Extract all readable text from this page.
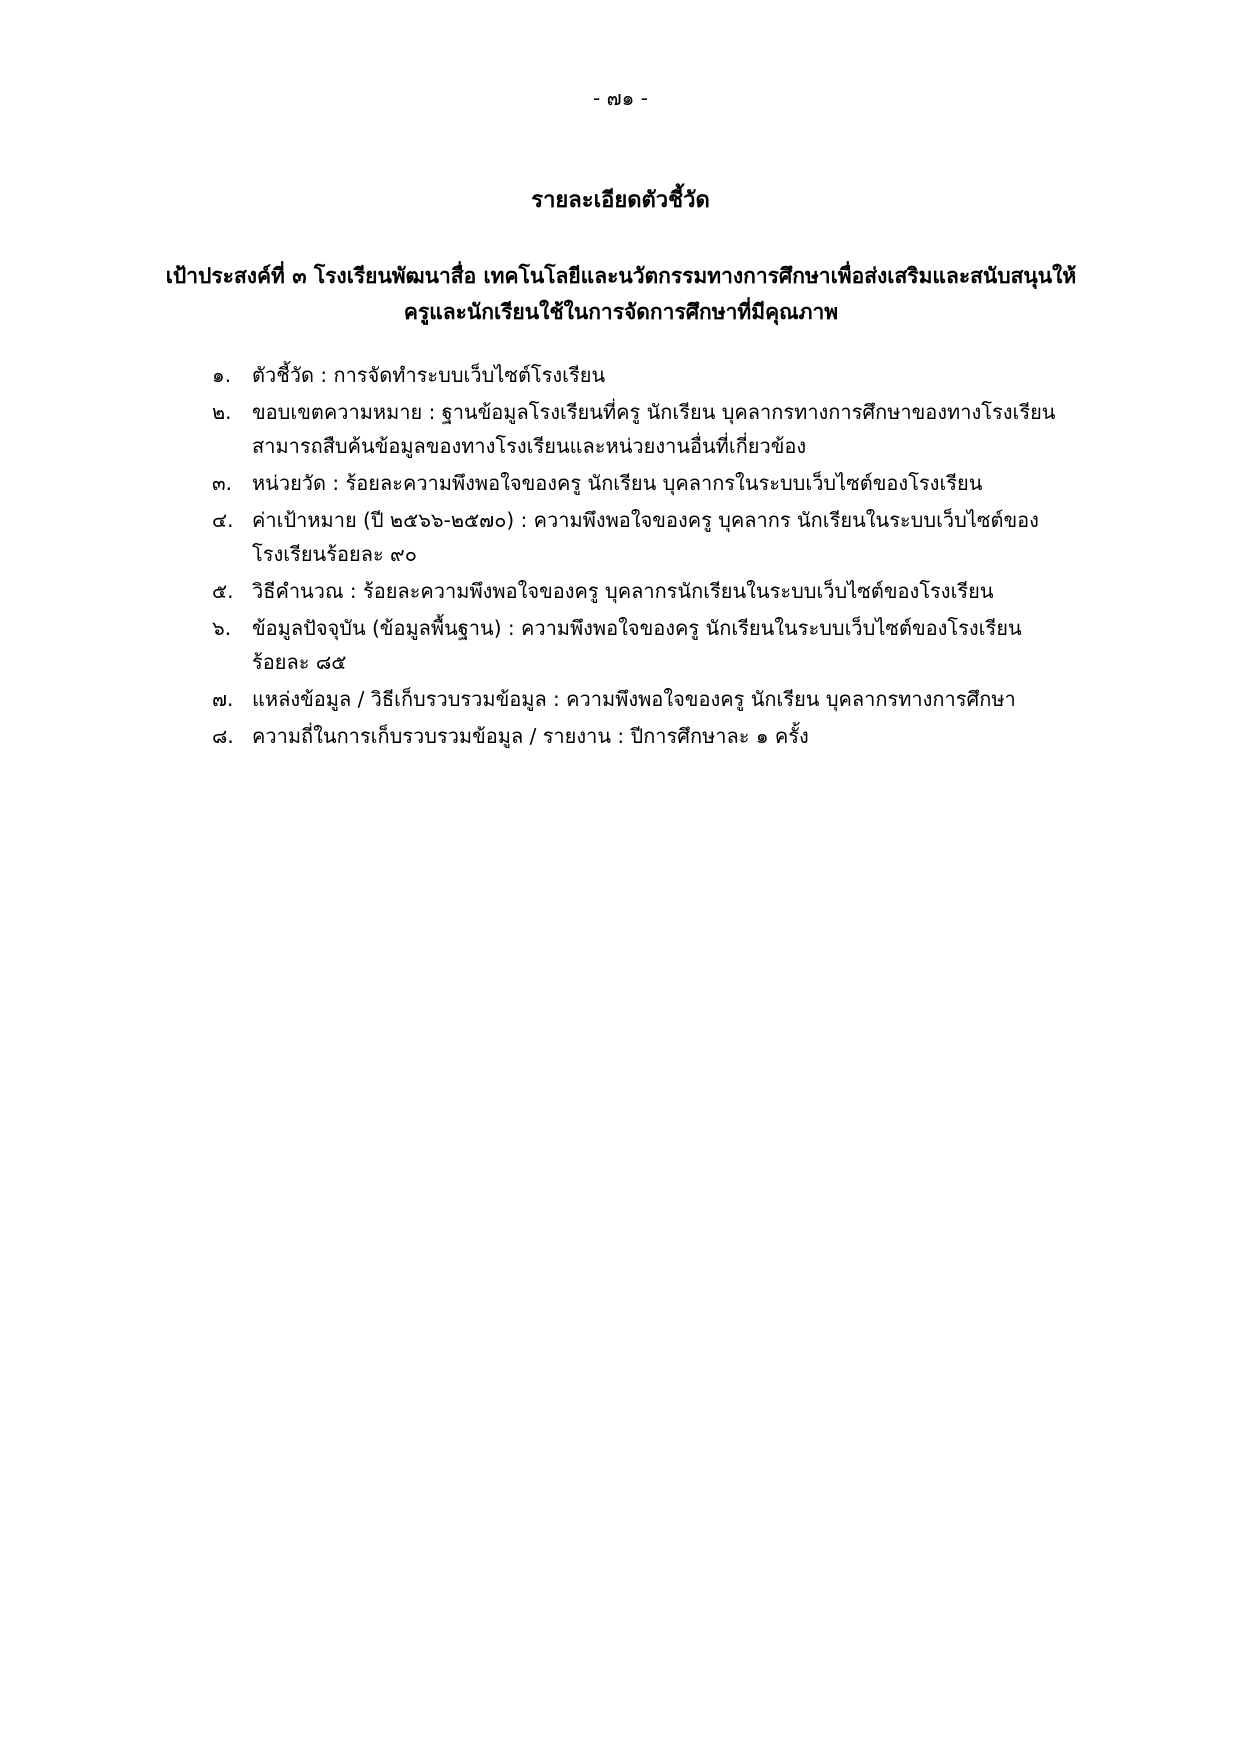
- ๗๑ -
รายละเอียดตัวชี้วัด
เป้าประสงค์ที่ ๓ โรงเรียนพัฒนาสื่อ เทคโนโลยีและนวัตกรรมทางการศึกษาเพื่อส่งเสริมและสนับสนุนให้
ครูและนักเรียนใช้ในการจัดการศึกษาที่มีคุณภาพ
๑.	ตัวชี้วัด : การจัดทำระบบเว็บไซต์โรงเรียน
๒.	ขอบเขตความหมาย : ฐานข้อมูลโรงเรียนที่ครู นักเรียน บุคลากรทางการศึกษาของทางโรงเรียน
สามารถสืบค้นข้อมูลของทางโรงเรียนและหน่วยงานอื่นที่เกี่ยวข้อง
๓. หน่วยวัด : ร้อยละความพึงพอใจของครู นักเรียน บุคลากรในระบบเว็บไซต์ของโรงเรียน
๔. ค่าเป้าหมาย (ปี ๒๕๖๖-๒๕๗๐) : ความพึงพอใจของครู บุคลากร นักเรียนในระบบเว็บไซต์ของ
โรงเรียนร้อยละ ๙๐
๕. วิธีคำนวณ : ร้อยละความพึงพอใจของครู บุคลากรนักเรียนในระบบเว็บไซต์ของโรงเรียน
๖.	ข้อมูลปัจจุบัน (ข้อมูลพื้นฐาน) : ความพึงพอใจของครู นักเรียนในระบบเว็บไซต์ของโรงเรียน
ร้อยละ ๘๕
๗. แหล่งข้อมูล / วิธีเก็บรวบรวมข้อมูล : ความพึงพอใจของครู นักเรียน บุคลากรทางการศึกษา
๘. ความถี่ในการเก็บรวบรวมข้อมูล / รายงาน : ปีการศึกษาละ ๑ ครั้ง
